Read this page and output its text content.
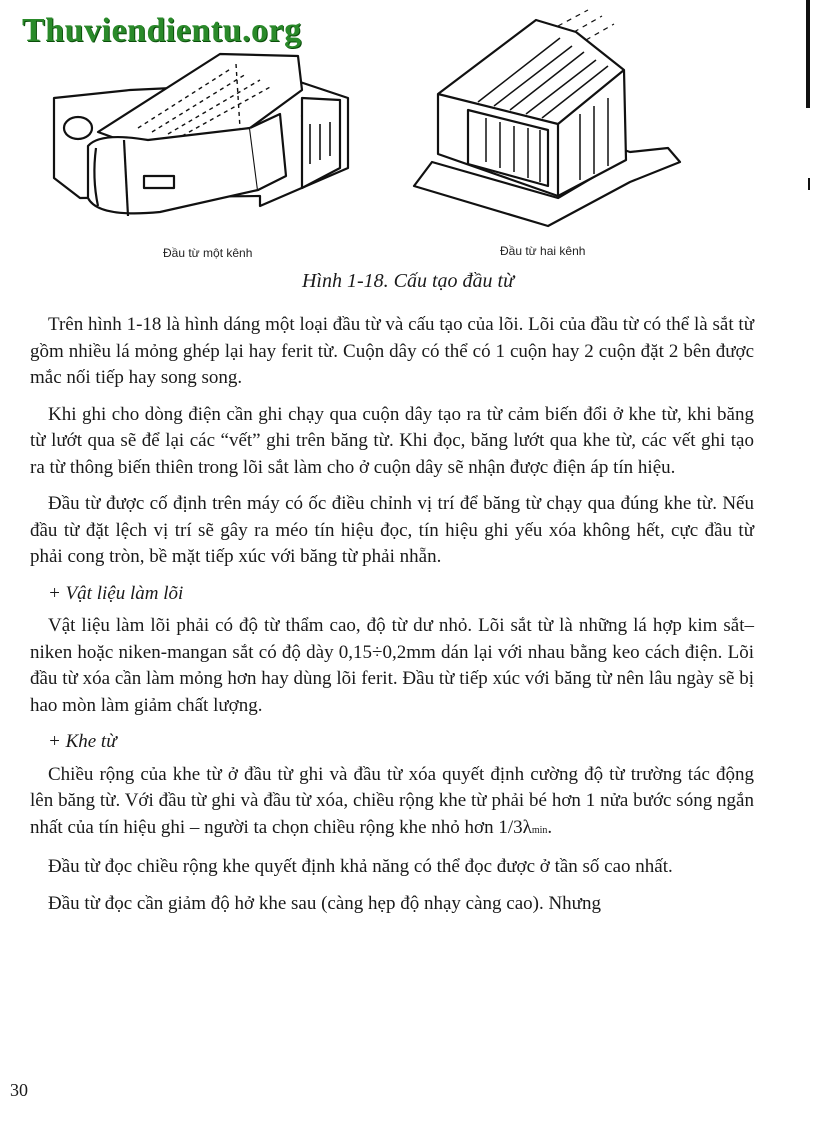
Thuviendientu.org
Đầu từ một kênh	Đầu từ hai kênh
Hình 1-18. Cấu tạo đầu từ

Trên hình 1-18 là hình dáng một loại đầu từ và cấu tạo của lõi. Lõi của đầu từ có thể là sắt từ gồm nhiều lá mỏng ghép lại hay ferit từ. Cuộn dây có thể có 1 cuộn hay 2 cuộn đặt 2 bên được mắc nối tiếp hay song song.

Khi ghi cho dòng điện cần ghi chạy qua cuộn dây tạo ra từ cảm biến đổi ở khe từ, khi băng từ lướt qua sẽ để lại các “vết” ghi trên băng từ. Khi đọc, băng lướt qua khe từ, các vết ghi tạo ra từ thông biến thiên trong lõi sắt làm cho ở cuộn dây sẽ nhận được điện áp tín hiệu.

Đầu từ được cố định trên máy có ốc điều chỉnh vị trí để băng từ chạy qua đúng khe từ. Nếu đầu từ đặt lệch vị trí sẽ gây ra méo tín hiệu đọc, tín hiệu ghi yếu xóa không hết, cực đầu từ phải cong tròn, bề mặt tiếp xúc với băng từ phải nhẵn.

+ Vật liệu làm lõi

Vật liệu làm lõi phải có độ từ thẩm cao, độ từ dư nhỏ. Lõi sắt từ là những lá hợp kim sắt–niken hoặc niken-mangan sắt có độ dày 0,15÷0,2mm dán lại với nhau bằng keo cách điện. Lõi đầu từ xóa cần làm mỏng hơn hay dùng lõi ferit. Đầu từ tiếp xúc với băng từ nên lâu ngày sẽ bị hao mòn làm giảm chất lượng.

+ Khe từ

Chiều rộng của khe từ ở đầu từ ghi và đầu từ xóa quyết định cường độ từ trường tác động lên băng từ. Với đầu từ ghi và đầu từ xóa, chiều rộng khe từ phải bé hơn 1 nửa bước sóng ngắn nhất của tín hiệu ghi – người ta chọn chiều rộng khe nhỏ hơn 1/3λmin.

Đầu từ đọc chiều rộng khe quyết định khả năng có thể đọc được ở tần số cao nhất.

Đầu từ đọc cần giảm độ hở khe sau (càng hẹp độ nhạy càng cao). Nhưng

30
